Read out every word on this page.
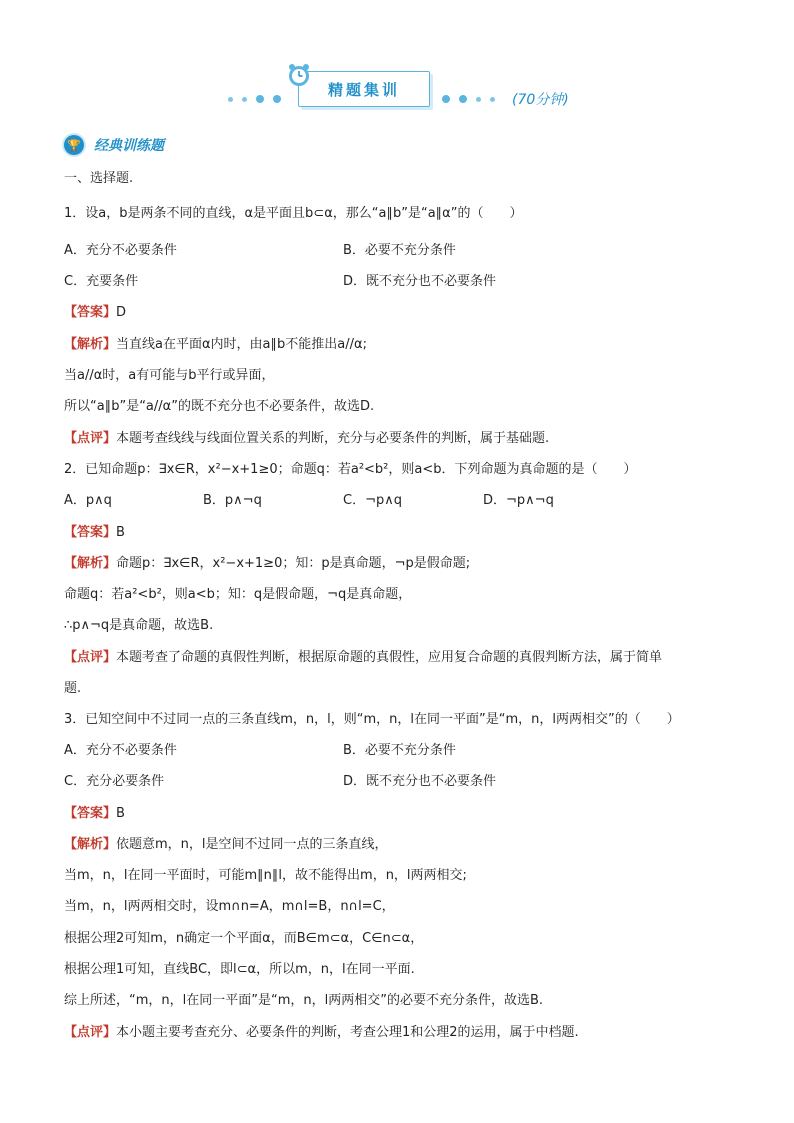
精题集训
(70分钟)
🏆 经典训练题
一、选择题.
1．设a，b是两条不同的直线，α是平面且b⊂α，那么“a∥b”是“a∥α”的（　　）
A．充分不必要条件	B．必要不充分条件
C．充要条件	D．既不充分也不必要条件
【答案】D
【解析】当直线a在平面α内时，由a∥b不能推出a//α;
当a//α时，a有可能与b平行或异面，
所以“a∥b”是“a//α”的既不充分也不必要条件，故选D.
【点评】本题考查线线与线面位置关系的判断，充分与必要条件的判断，属于基础题.
2．已知命题p：∃x∈R，x²−x+1≥0；命题q：若a²<b²，则a<b．下列命题为真命题的是（　　）
A．p∧q	B．p∧¬q	C．¬p∧q	D．¬p∧¬q
【答案】B
【解析】命题p：∃x∈R，x²−x+1≥0；知：p是真命题，¬p是假命题;
命题q：若a²<b²，则a<b；知：q是假命题，¬q是真命题，
∴p∧¬q是真命题，故选B.
【点评】本题考查了命题的真假性判断，根据原命题的真假性，应用复合命题的真假判断方法，属于简单
题.
3．已知空间中不过同一点的三条直线m，n，l，则“m，n，l在同一平面”是“m，n，l两两相交”的（　　）
A．充分不必要条件	B．必要不充分条件
C．充分必要条件	D．既不充分也不必要条件
【答案】B
【解析】依题意m，n，l是空间不过同一点的三条直线，
当m，n，l在同一平面时，可能m∥n∥l，故不能得出m，n，l两两相交;
当m，n，l两两相交时，设m∩n=A，m∩l=B，n∩l=C，
根据公理2可知m，n确定一个平面α，而B∈m⊂α，C∈n⊂α，
根据公理1可知，直线BC，即l⊂α，所以m，n，l在同一平面.
综上所述，“m，n，l在同一平面”是“m，n，l两两相交”的必要不充分条件，故选B.
【点评】本小题主要考查充分、必要条件的判断，考查公理1和公理2的运用，属于中档题.
